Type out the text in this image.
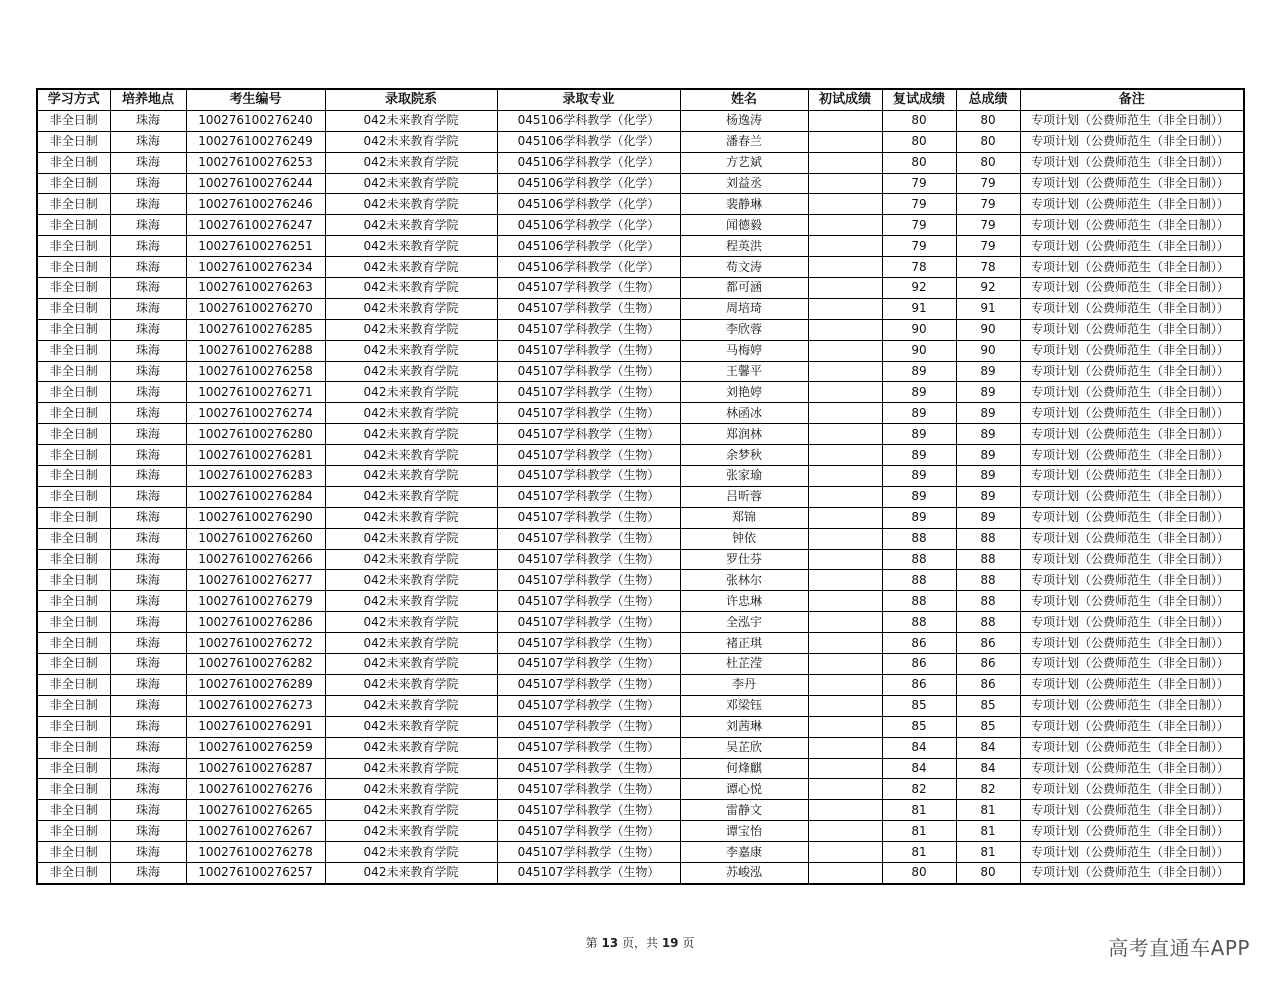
学习方式	培养地点	考生编号	录取院系	录取专业	姓名	初试成绩	复试成绩	总成绩	备注
非全日制	珠海	100276100276240	042未来教育学院	045106学科教学（化学）	杨逸涛		80	80	专项计划（公费师范生（非全日制））
非全日制	珠海	100276100276249	042未来教育学院	045106学科教学（化学）	潘春兰		80	80	专项计划（公费师范生（非全日制））
非全日制	珠海	100276100276253	042未来教育学院	045106学科教学（化学）	方艺斌		80	80	专项计划（公费师范生（非全日制））
非全日制	珠海	100276100276244	042未来教育学院	045106学科教学（化学）	刘益丞		79	79	专项计划（公费师范生（非全日制））
非全日制	珠海	100276100276246	042未来教育学院	045106学科教学（化学）	裴静琳		79	79	专项计划（公费师范生（非全日制））
非全日制	珠海	100276100276247	042未来教育学院	045106学科教学（化学）	闻德毅		79	79	专项计划（公费师范生（非全日制））
非全日制	珠海	100276100276251	042未来教育学院	045106学科教学（化学）	程英洪		79	79	专项计划（公费师范生（非全日制））
非全日制	珠海	100276100276234	042未来教育学院	045106学科教学（化学）	苟文涛		78	78	专项计划（公费师范生（非全日制））
非全日制	珠海	100276100276263	042未来教育学院	045107学科教学（生物）	都可涵		92	92	专项计划（公费师范生（非全日制））
非全日制	珠海	100276100276270	042未来教育学院	045107学科教学（生物）	周培琦		91	91	专项计划（公费师范生（非全日制））
非全日制	珠海	100276100276285	042未来教育学院	045107学科教学（生物）	李欣蓉		90	90	专项计划（公费师范生（非全日制））
非全日制	珠海	100276100276288	042未来教育学院	045107学科教学（生物）	马梅婷		90	90	专项计划（公费师范生（非全日制））
非全日制	珠海	100276100276258	042未来教育学院	045107学科教学（生物）	王馨平		89	89	专项计划（公费师范生（非全日制））
非全日制	珠海	100276100276271	042未来教育学院	045107学科教学（生物）	刘艳婷		89	89	专项计划（公费师范生（非全日制））
非全日制	珠海	100276100276274	042未来教育学院	045107学科教学（生物）	林函冰		89	89	专项计划（公费师范生（非全日制））
非全日制	珠海	100276100276280	042未来教育学院	045107学科教学（生物）	郑润林		89	89	专项计划（公费师范生（非全日制））
非全日制	珠海	100276100276281	042未来教育学院	045107学科教学（生物）	余梦秋		89	89	专项计划（公费师范生（非全日制））
非全日制	珠海	100276100276283	042未来教育学院	045107学科教学（生物）	张家瑜		89	89	专项计划（公费师范生（非全日制））
非全日制	珠海	100276100276284	042未来教育学院	045107学科教学（生物）	吕昕蓉		89	89	专项计划（公费师范生（非全日制））
非全日制	珠海	100276100276290	042未来教育学院	045107学科教学（生物）	郑锦		89	89	专项计划（公费师范生（非全日制））
非全日制	珠海	100276100276260	042未来教育学院	045107学科教学（生物）	钟依		88	88	专项计划（公费师范生（非全日制））
非全日制	珠海	100276100276266	042未来教育学院	045107学科教学（生物）	罗仕芬		88	88	专项计划（公费师范生（非全日制））
非全日制	珠海	100276100276277	042未来教育学院	045107学科教学（生物）	张林尔		88	88	专项计划（公费师范生（非全日制））
非全日制	珠海	100276100276279	042未来教育学院	045107学科教学（生物）	许忠琳		88	88	专项计划（公费师范生（非全日制））
非全日制	珠海	100276100276286	042未来教育学院	045107学科教学（生物）	全泓宇		88	88	专项计划（公费师范生（非全日制））
非全日制	珠海	100276100276272	042未来教育学院	045107学科教学（生物）	褚正琪		86	86	专项计划（公费师范生（非全日制））
非全日制	珠海	100276100276282	042未来教育学院	045107学科教学（生物）	杜芷滢		86	86	专项计划（公费师范生（非全日制））
非全日制	珠海	100276100276289	042未来教育学院	045107学科教学（生物）	李丹		86	86	专项计划（公费师范生（非全日制））
非全日制	珠海	100276100276273	042未来教育学院	045107学科教学（生物）	邓梁钰		85	85	专项计划（公费师范生（非全日制））
非全日制	珠海	100276100276291	042未来教育学院	045107学科教学（生物）	刘茜琳		85	85	专项计划（公费师范生（非全日制））
非全日制	珠海	100276100276259	042未来教育学院	045107学科教学（生物）	吴芷欣		84	84	专项计划（公费师范生（非全日制））
非全日制	珠海	100276100276287	042未来教育学院	045107学科教学（生物）	何烽麒		84	84	专项计划（公费师范生（非全日制））
非全日制	珠海	100276100276276	042未来教育学院	045107学科教学（生物）	谭心悦		82	82	专项计划（公费师范生（非全日制））
非全日制	珠海	100276100276265	042未来教育学院	045107学科教学（生物）	雷静文		81	81	专项计划（公费师范生（非全日制））
非全日制	珠海	100276100276267	042未来教育学院	045107学科教学（生物）	谭宝怡		81	81	专项计划（公费师范生（非全日制））
非全日制	珠海	100276100276278	042未来教育学院	045107学科教学（生物）	李嘉康		81	81	专项计划（公费师范生（非全日制））
非全日制	珠海	100276100276257	042未来教育学院	045107学科教学（生物）	苏峻泓		80	80	专项计划（公费师范生（非全日制））
第 13 页，共 19 页	高考直通车APP
